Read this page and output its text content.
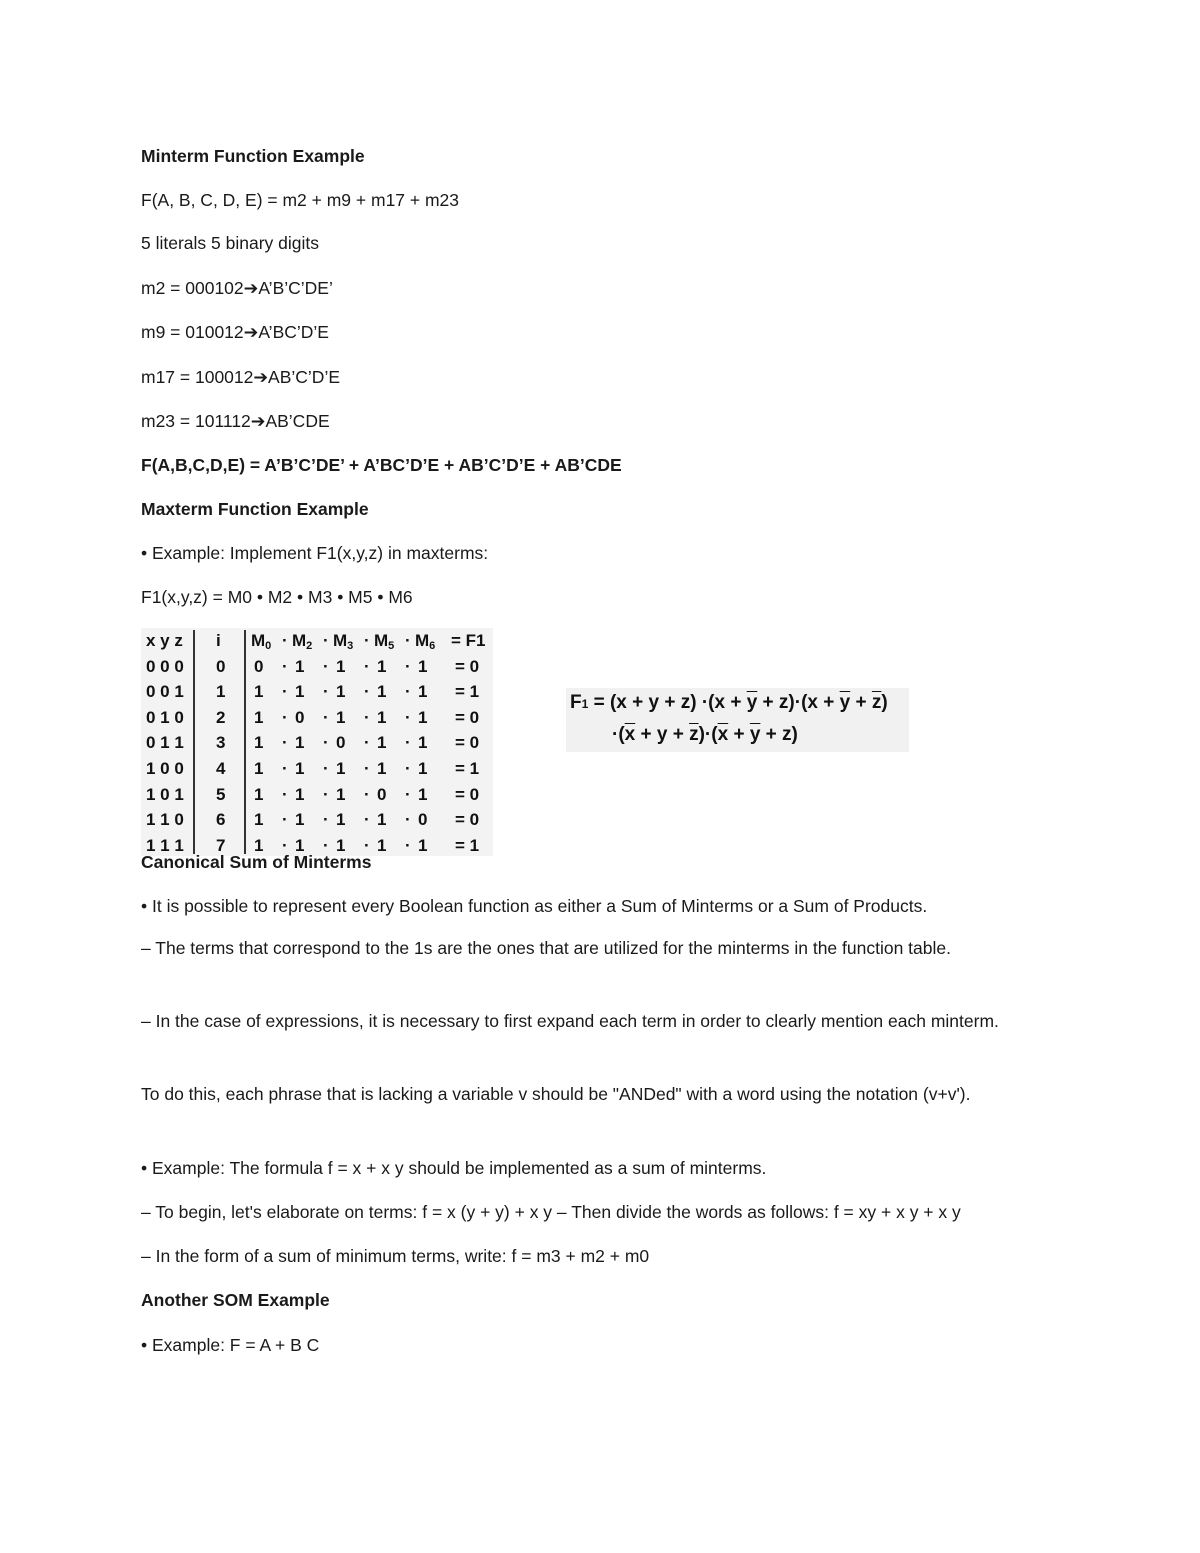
Minterm Function Example
F(A, B, C, D, E) = m2 + m9 + m17 + m23
5 literals 5 binary digits
m2 = 000102➔A’B’C’DE’
m9 = 010012➔A’BC’D’E
m17 = 100012➔AB’C’D’E
m23 = 101112➔AB’CDE
F(A,B,C,D,E) = A’B’C’DE’ + A’BC’D’E + AB’C’D’E + AB’CDE
Maxterm Function Example
• Example: Implement F1(x,y,z) in maxterms:
F1(x,y,z) = M0 • M2 • M3 • M5 • M6
x y z i $M_0 \cdot M_2 \cdot M_3 \cdot M_5 \cdot M_6 = F1$
0 0 0 0 0 · 1 · 1 · 1 · 1 = 0
0 0 1 1 1 · 1 · 1 · 1 · 1 = 1
0 1 0 2 1 · 0 · 1 · 1 · 1 = 0
0 1 1 3 1 · 1 · 0 · 1 · 1 = 0
1 0 0 4 1 · 1 · 1 · 1 · 1 = 1
1 0 1 5 1 · 1 · 1 · 0 · 1 = 0
1 1 0 6 1 · 1 · 1 · 1 · 0 = 0
1 1 1 7 1 · 1 · 1 · 1 · 1 = 1
$F1 = (x + y + z) \cdot(x + \overline{y} + z)\cdot(x + \overline{y} + \overline{z})$
$\cdot(\overline{x} + y + \overline{z})\cdot(\overline{x} + \overline{y} + z)$
Canonical Sum of Minterms
• It is possible to represent every Boolean function as either a Sum of Minterms or a Sum of Products.
– The terms that correspond to the 1s are the ones that are utilized for the minterms in the function table.
– In the case of expressions, it is necessary to first expand each term in order to clearly mention each minterm.
To do this, each phrase that is lacking a variable v should be "ANDed" with a word using the notation (v+v').
• Example: The formula f = x + x y should be implemented as a sum of minterms.
– To begin, let's elaborate on terms: f = x (y + y) + x y – Then divide the words as follows: f = xy + x y + x y
– In the form of a sum of minimum terms, write: f = m3 + m2 + m0
Another SOM Example
• Example: F = A + B C
